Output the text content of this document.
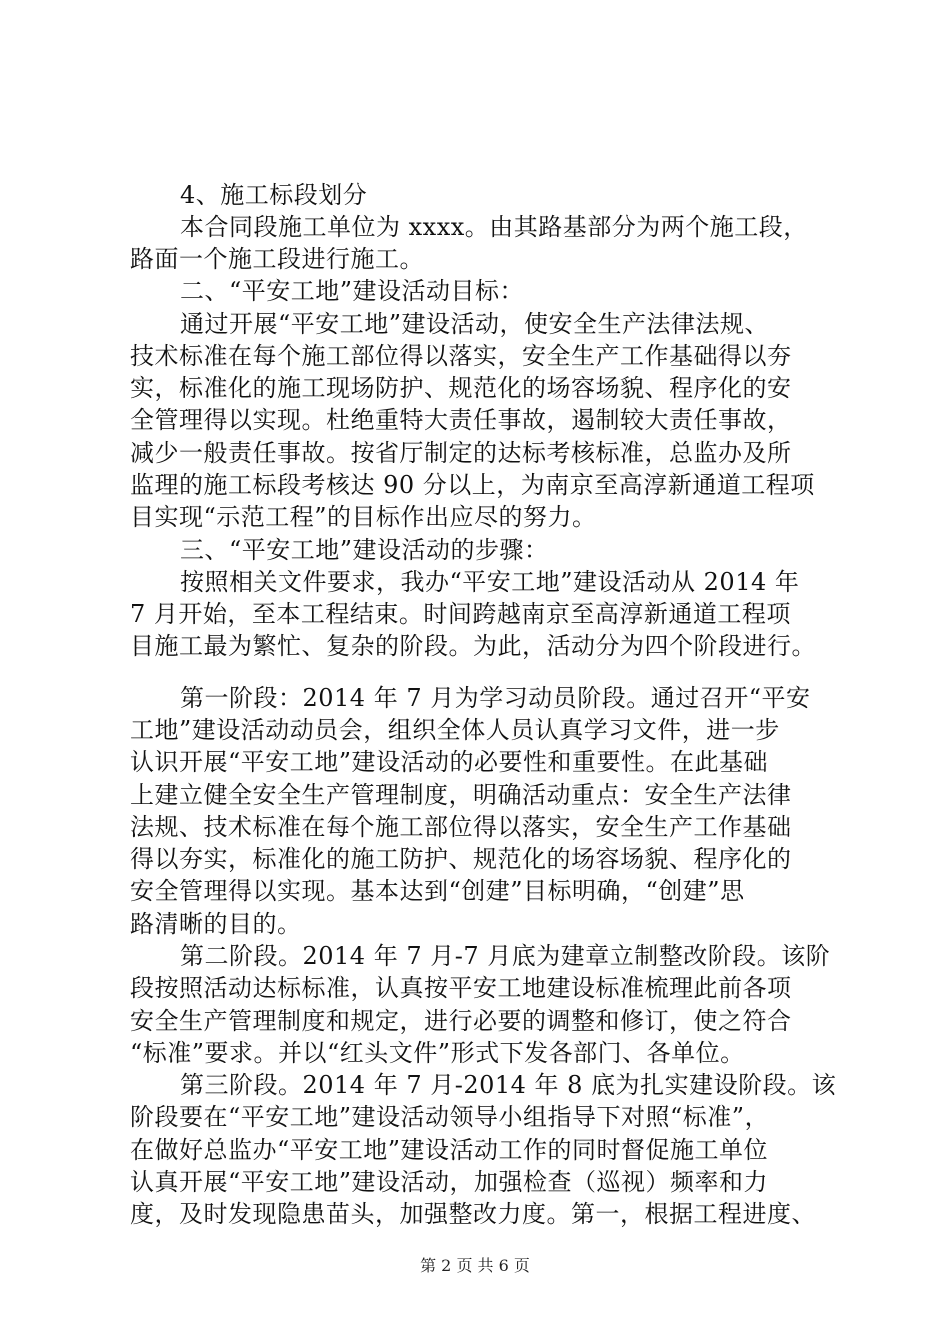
4、施工标段划分
本合同段施工单位为 xxxx。由其路基部分为两个施工段，
路面一个施工段进行施工。
二、“平安工地”建设活动目标：
通过开展“平安工地”建设活动，使安全生产法律法规、
技术标准在每个施工部位得以落实，安全生产工作基础得以夯
实，标准化的施工现场防护、规范化的场容场貌、程序化的安
全管理得以实现。杜绝重特大责任事故，遏制较大责任事故，
减少一般责任事故。按省厅制定的达标考核标准，总监办及所
监理的施工标段考核达 90 分以上，为南京至高淳新通道工程项
目实现“示范工程”的目标作出应尽的努力。
三、“平安工地”建设活动的步骤：
按照相关文件要求，我办“平安工地”建设活动从 2014 年
7 月开始，至本工程结束。时间跨越南京至高淳新通道工程项
目施工最为繁忙、复杂的阶段。为此，活动分为四个阶段进行。
第一阶段：2014 年 7 月为学习动员阶段。通过召开“平安
工地”建设活动动员会，组织全体人员认真学习文件，进一步
认识开展“平安工地”建设活动的必要性和重要性。在此基础
上建立健全安全生产管理制度，明确活动重点：安全生产法律
法规、技术标准在每个施工部位得以落实，安全生产工作基础
得以夯实，标准化的施工防护、规范化的场容场貌、程序化的
安全管理得以实现。基本达到“创建”目标明确，“创建”思
路清晰的目的。
第二阶段。2014 年 7 月-7 月底为建章立制整改阶段。该阶
段按照活动达标标准，认真按平安工地建设标准梳理此前各项
安全生产管理制度和规定，进行必要的调整和修订，使之符合
“标准”要求。并以“红头文件”形式下发各部门、各单位。
第三阶段。2014 年 7 月-2014 年 8 底为扎实建设阶段。该
阶段要在“平安工地”建设活动领导小组指导下对照“标准”，
在做好总监办“平安工地”建设活动工作的同时督促施工单位
认真开展“平安工地”建设活动，加强检查（巡视）频率和力
度，及时发现隐患苗头，加强整改力度。第一，根据工程进度、
第 2 页 共 6 页
